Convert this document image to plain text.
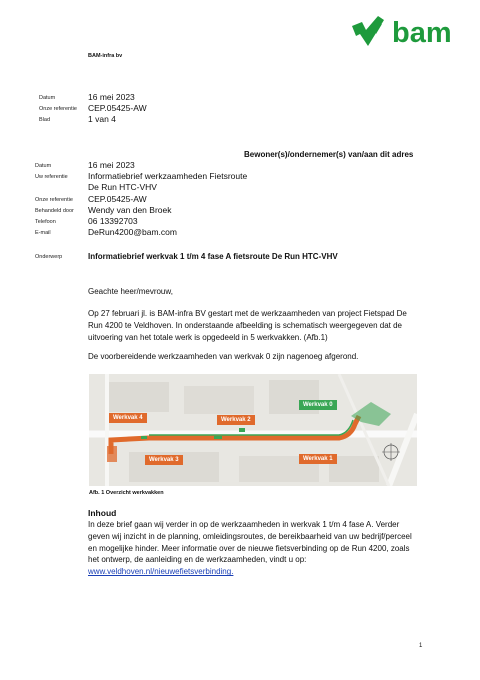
bam
BAM-infra bv
Datum	16 mei 2023
Onze referentie CEP.05425-AW
Blad	1 van 4
Bewoner(s)/ondernemer(s) van/aan dit adres
Datum	16 mei 2023
Uw referentie Informatiebrief werkzaamheden Fietsroute
De Run HTC-VHV
Onze referentie CEP.05425-AW
Behandeld door Wendy van den Broek
Telefoon	06 13392703
E-mail	DeRun4200@bam.com
Onderwerp	Informatiebrief werkvak 1 t/m 4 fase A fietsroute De Run HTC-VHV

Geachte heer/mevrouw,

Op 27 februari jl. is BAM-infra BV gestart met de werkzaamheden van project Fietspad De Run 4200 te Veldhoven. In onderstaande afbeelding is schematisch weergegeven dat de uitvoering van het totale werk is opgedeeld in 5 werkvakken. (Afb.1)

De voorbereidende werkzaamheden van werkvak 0 zijn nagenoeg afgerond.

Werkvak 0
Werkvak 1
Werkvak 2
Werkvak 3
Werkvak 4
Afb. 1 Overzicht werkvakken
Inhoud

In deze brief gaan wij verder in op de werkzaamheden in werkvak 1 t/m 4 fase A. Verder geven wij inzicht in de planning, omleidingsroutes, de bereikbaarheid van uw bedrijf/perceel en mogelijke hinder. Meer informatie over de nieuwe fietsverbinding op de Run 4200, zoals het ontwerp, de aanleiding en de werkzaamheden, vindt u op:

www.veldhoven.nl/nieuwefietsverbinding.

1
